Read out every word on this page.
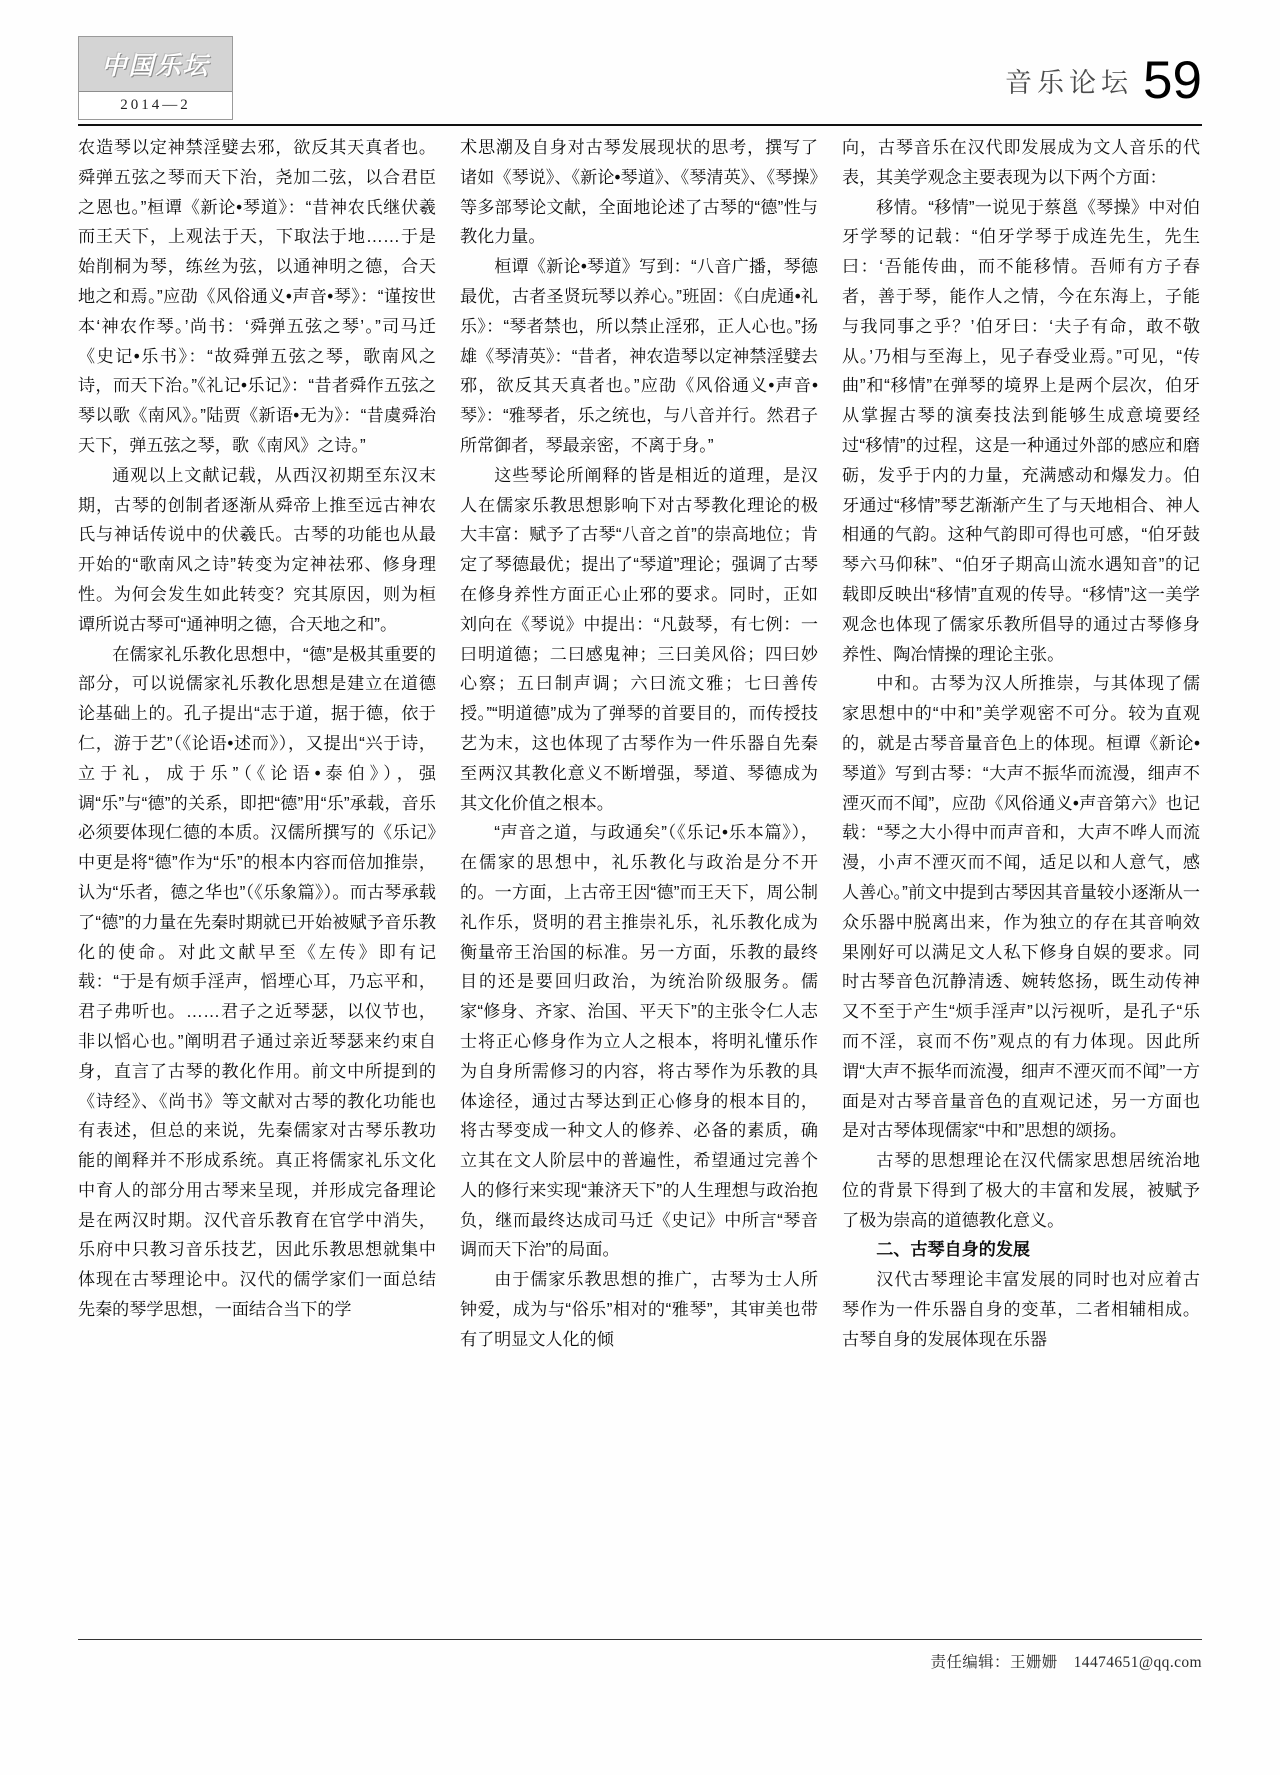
中国乐坛
2014—2
音乐论坛 59

农造琴以定神禁淫嬖去邪，欲反其天真者也。舜弹五弦之琴而天下治，尧加二弦，以合君臣之恩也。”桓谭《新论•琴道》：“昔神农氏继伏羲而王天下，上观法于天，下取法于地……于是始削桐为琴，练丝为弦，以通神明之德，合天地之和焉。”应劭《风俗通义•声音•琴》：“谨按世本‘神农作琴。’尚书：‘舜弹五弦之琴’。”司马迁《史记•乐书》：“故舜弹五弦之琴，歌南风之诗，而天下治。”《礼记•乐记》：“昔者舜作五弦之琴以歌《南风》。”陆贾《新语•无为》：“昔虞舜治天下，弹五弦之琴，歌《南风》之诗。”

通观以上文献记载，从西汉初期至东汉末期，古琴的创制者逐渐从舜帝上推至远古神农氏与神话传说中的伏羲氏。古琴的功能也从最开始的“歌南风之诗”转变为定神祛邪、修身理性。为何会发生如此转变？究其原因，则为桓谭所说古琴可“通神明之德，合天地之和”。

在儒家礼乐教化思想中，“德”是极其重要的部分，可以说儒家礼乐教化思想是建立在道德论基础上的。孔子提出“志于道，据于德，依于仁，游于艺”（《论语•述而》），又提出“兴于诗，立于礼，成于乐”（《论语•泰伯》），强调“乐”与“德”的关系，即把“德”用“乐”承载，音乐必须要体现仁德的本质。汉儒所撰写的《乐记》中更是将“德”作为“乐”的根本内容而倍加推崇，认为“乐者，德之华也”（《乐象篇》）。而古琴承载了“德”的力量在先秦时期就已开始被赋予音乐教化的使命。对此文献早至《左传》即有记载：“于是有烦手淫声，慆堙心耳，乃忘平和，君子弗听也。……君子之近琴瑟，以仪节也，非以慆心也。”阐明君子通过亲近琴瑟来约束自身，直言了古琴的教化作用。前文中所提到的《诗经》、《尚书》等文献对古琴的教化功能也有表述，但总的来说，先秦儒家对古琴乐教功能的阐释并不形成系统。真正将儒家礼乐文化中育人的部分用古琴来呈现，并形成完备理论是在两汉时期。汉代音乐教育在官学中消失，乐府中只教习音乐技艺，因此乐教思想就集中体现在古琴理论中。汉代的儒学家们一面总结先秦的琴学思想，一面结合当下的学

术思潮及自身对古琴发展现状的思考，撰写了诸如《琴说》、《新论•琴道》、《琴清英》、《琴操》等多部琴论文献，全面地论述了古琴的“德”性与教化力量。

桓谭《新论•琴道》写到：“八音广播，琴德最优，古者圣贤玩琴以养心。”班固：《白虎通•礼乐》：“琴者禁也，所以禁止淫邪，正人心也。”扬雄《琴清英》：“昔者，神农造琴以定神禁淫嬖去邪，欲反其天真者也。”应劭《风俗通义•声音•琴》：“雅琴者，乐之统也，与八音并行。然君子所常御者，琴最亲密，不离于身。”

这些琴论所阐释的皆是相近的道理，是汉人在儒家乐教思想影响下对古琴教化理论的极大丰富：赋予了古琴“八音之首”的崇高地位；肯定了琴德最优；提出了“琴道”理论；强调了古琴在修身养性方面正心止邪的要求。同时，正如刘向在《琴说》中提出：“凡鼓琴，有七例：一曰明道德；二曰感鬼神；三曰美风俗；四曰妙心察；五曰制声调；六曰流文雅；七曰善传授。”“明道德”成为了弹琴的首要目的，而传授技艺为末，这也体现了古琴作为一件乐器自先秦至两汉其教化意义不断增强，琴道、琴德成为其文化价值之根本。

“声音之道，与政通矣”（《乐记•乐本篇》），在儒家的思想中，礼乐教化与政治是分不开的。一方面，上古帝王因“德”而王天下，周公制礼作乐，贤明的君主推崇礼乐，礼乐教化成为衡量帝王治国的标准。另一方面，乐教的最终目的还是要回归政治，为统治阶级服务。儒家“修身、齐家、治国、平天下”的主张令仁人志士将正心修身作为立人之根本，将明礼懂乐作为自身所需修习的内容，将古琴作为乐教的具体途径，通过古琴达到正心修身的根本目的，将古琴变成一种文人的修养、必备的素质，确立其在文人阶层中的普遍性，希望通过完善个人的修行来实现“兼济天下”的人生理想与政治抱负，继而最终达成司马迁《史记》中所言“琴音调而天下治”的局面。

由于儒家乐教思想的推广，古琴为士人所钟爱，成为与“俗乐”相对的“雅琴”，其审美也带有了明显文人化的倾

向，古琴音乐在汉代即发展成为文人音乐的代表，其美学观念主要表现为以下两个方面：

移情。“移情”一说见于蔡邕《琴操》中对伯牙学琴的记载：“伯牙学琴于成连先生，先生曰：‘吾能传曲，而不能移情。吾师有方子春者，善于琴，能作人之情，今在东海上，子能与我同事之乎？’伯牙曰：‘夫子有命，敢不敬从。’乃相与至海上，见子春受业焉。”可见，“传曲”和“移情”在弹琴的境界上是两个层次，伯牙从掌握古琴的演奏技法到能够生成意境要经过“移情”的过程，这是一种通过外部的感应和磨砺，发乎于内的力量，充满感动和爆发力。伯牙通过“移情”琴艺渐渐产生了与天地相合、神人相通的气韵。这种气韵即可得也可感，“伯牙鼓琴六马仰秣”、“伯牙子期高山流水遇知音”的记载即反映出“移情”直观的传导。“移情”这一美学观念也体现了儒家乐教所倡导的通过古琴修身养性、陶冶情操的理论主张。

中和。古琴为汉人所推崇，与其体现了儒家思想中的“中和”美学观密不可分。较为直观的，就是古琴音量音色上的体现。桓谭《新论•琴道》写到古琴：“大声不振华而流漫，细声不湮灭而不闻”，应劭《风俗通义•声音第六》也记载：“琴之大小得中而声音和，大声不哗人而流漫，小声不湮灭而不闻，适足以和人意气，感人善心。”前文中提到古琴因其音量较小逐渐从一众乐器中脱离出来，作为独立的存在其音响效果刚好可以满足文人私下修身自娱的要求。同时古琴音色沉静清透、婉转悠扬，既生动传神又不至于产生“烦手淫声”以污视听，是孔子“乐而不淫，哀而不伤”观点的有力体现。因此所谓“大声不振华而流漫，细声不湮灭而不闻”一方面是对古琴音量音色的直观记述，另一方面也是对古琴体现儒家“中和”思想的颂扬。

古琴的思想理论在汉代儒家思想居统治地位的背景下得到了极大的丰富和发展，被赋予了极为崇高的道德教化意义。

二、古琴自身的发展

汉代古琴理论丰富发展的同时也对应着古琴作为一件乐器自身的变革，二者相辅相成。古琴自身的发展体现在乐器

责任编辑：王姗姗 14474651@qq.com
